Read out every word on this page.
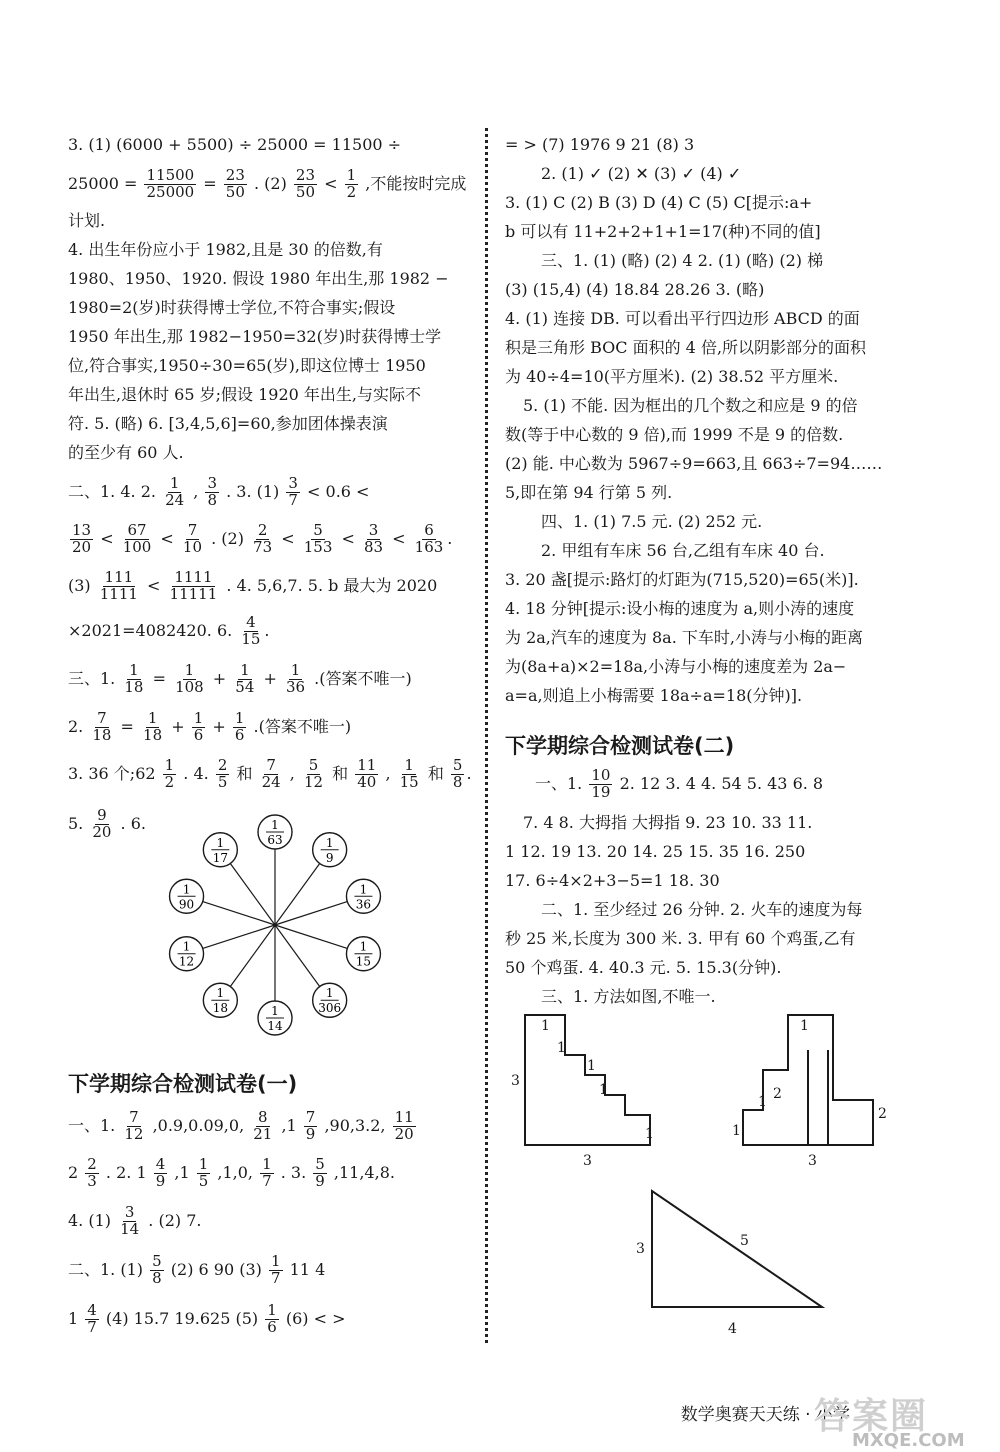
3. (1) (6000 + 5500) ÷ 25000 = 11500 ÷
$25000 = \frac{11500}{25000} = \frac{23}{50}$ . $(2) \frac{23}{50} < \frac{1}{2}$ ,不能按时完成
计划.
4. 出生年份应小于 1982,且是 30 的倍数,有
1980、1950、1920. 假设 1980 年出生,那 1982 −
1980=2(岁)时获得博士学位,不符合事实;假设
1950 年出生,那 1982−1950=32(岁)时获得博士学
位,符合事实,1950÷30=65(岁),即这位博士 1950
年出生,退休时 65 岁;假设 1920 年出生,与实际不
符. 5. (略) 6. [3,4,5,6]=60,参加团体操表演
的至少有 60 人.
二、1. 4. 2. $\frac{1}{24}$ , $\frac{3}{8}$ . 3. $(1) \frac{3}{7} < 0.6$ <
$\frac{13}{20} < \frac{67}{100} < \frac{7}{10}$ . $(2) \frac{2}{73} < \frac{5}{153} < \frac{3}{83} < \frac{6}{163}$ .
$(3) \frac{111}{1111} < \frac{1111}{11111}$ . 4. 5,6,7. 5. b 最大为 2020
×2021=4082420. 6. $\frac{4}{15}$ .
三、1. $\frac{1}{18} = \frac{1}{108} + \frac{1}{54} + \frac{1}{36}$ .(答案不唯一)
2. $\frac{7}{18} = \frac{1}{18} + \frac{1}{6} + \frac{1}{6}$ .(答案不唯一)
3. 36 个;62 $\frac{1}{2}$ . 4. $\frac{2}{5}$ 和 $\frac{7}{24}$ , $\frac{5}{12}$ 和 $\frac{11}{40}$ , $\frac{1}{15}$ 和 $\frac{5}{8}$ .
5. $\frac{9}{20}$ . 6.	1
63	1
9
1
36
1
15
1
306
1
14
1
18
1
12
1
90
1
17
下学期综合检测试卷(一)
一、1. $\frac{7}{12} ,0.9,0.09,0$, $\frac{8}{21} ,1 \frac{7}{9} ,90,3.2$, $\frac{11}{20}$
$2 \frac{2}{3}$ . 2. $1 \frac{4}{9} ,1 \frac{1}{5} ,1,0$, $\frac{1}{7}$ . 3. $\frac{5}{9} ,11,4,8$.
4. $(1) \frac{3}{14}$ . (2) 7.
二、1. $(1) \frac{5}{8} (2)$ 6 90 $(3) \frac{1}{7} 11$ 4
$1 \frac{4}{7} (4)$ 15.7 19.625 $(5) \frac{1}{6} (6)$ < >
= > (7) 1976 9 21 (8) 3
2. (1) ✓ (2) ✕ (3) ✓ (4) ✓
3. (1) C (2) B (3) D (4) C (5) C[提示:a+
b 可以有 11+2+2+1+1=17(种)不同的值]
三、1. (1) (略) (2) 4 2. (1) (略) (2) 梯
(3) (15,4) (4) 18.84 28.26 3. (略)
4. (1) 连接 DB. 可以看出平行四边形 ABCD 的面
积是三角形 BOC 面积的 4 倍,所以阴影部分的面积
为 40÷4=10(平方厘米). (2) 38.52 平方厘米.
5. (1) 不能. 因为框出的几个数之和应是 9 的倍
数(等于中心数的 9 倍),而 1999 不是 9 的倍数.
(2) 能. 中心数为 5967÷9=663,且 663÷7=94……
5,即在第 94 行第 5 列.
四、1. (1) 7.5 元. (2) 252 元.
2. 甲组有车床 56 台,乙组有车床 40 台.
3. 20 盏[提示:路灯的灯距为(715,520)=65(米)].
4. 18 分钟[提示:设小梅的速度为 a,则小涛的速度
为 2a,汽车的速度为 8a. 下车时,小涛与小梅的距离
为(8a+a)×2=18a,小涛与小梅的速度差为 2a−
a=a,则追上小梅需要 18a÷a=18(分钟)].
下学期综合检测试卷(二)
一、1. $\frac{10}{19} 2$. 12 3. 4 4. 54 5. 43 6. 8
7. 4 8. 大拇指 大拇指 9. 23 10. 33 11.
1 12. 19 13. 20 14. 25 15. 35 16. 250
17. 6÷4×2+3−5=1 18. 30
二、1. 至少经过 26 分钟. 2. 火车的速度为每
秒 25 米,长度为 300 米. 3. 甲有 60 个鸡蛋,乙有
50 个鸡蛋. 4. 40.3 元. 5. 15.3(分钟).
三、1. 方法如图,不唯一.
1
1
1
1
1
3
3
1
2
1
1
2
3
3	5
4
数学奥赛天天练 · 小学
答案圈
MXQE.COM
